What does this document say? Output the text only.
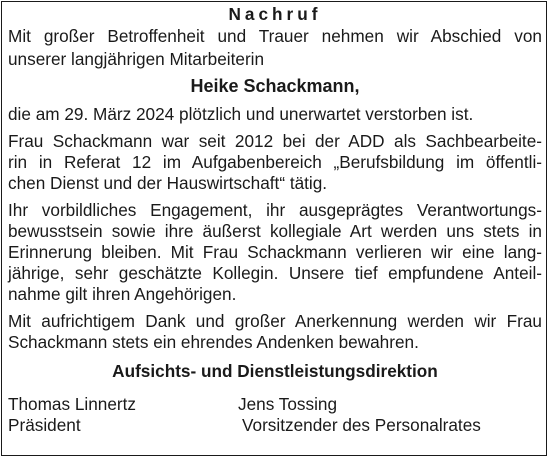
Nachruf

Mit großer Betroffenheit und Trauer nehmen wir Abschied von
unserer langjährigen Mitarbeiterin

Heike Schackmann,

die am 29. März 2024 plötzlich und unerwartet verstorben ist.
Frau Schackmann war seit 2012 bei der ADD als Sachbearbeite-
rin in Referat 12 im Aufgabenbereich „Berufsbildung im öffentli-
chen Dienst und der Hauswirtschaft“ tätig.
Ihr vorbildliches Engagement, ihr ausgeprägtes Verantwortungs-
bewusstsein sowie ihre äußerst kollegiale Art werden uns stets in
Erinnerung bleiben. Mit Frau Schackmann verlieren wir eine lang-
jährige, sehr geschätzte Kollegin. Unsere tief empfundene Anteil-
nahme gilt ihren Angehörigen.
Mit aufrichtigem Dank und großer Anerkennung werden wir Frau
Schackmann stets ein ehrendes Andenken bewahren.

Aufsichts- und Dienstleistungsdirektion

Thomas Linnertz	Jens Tossing
Präsident	Vorsitzender des Personalrates
